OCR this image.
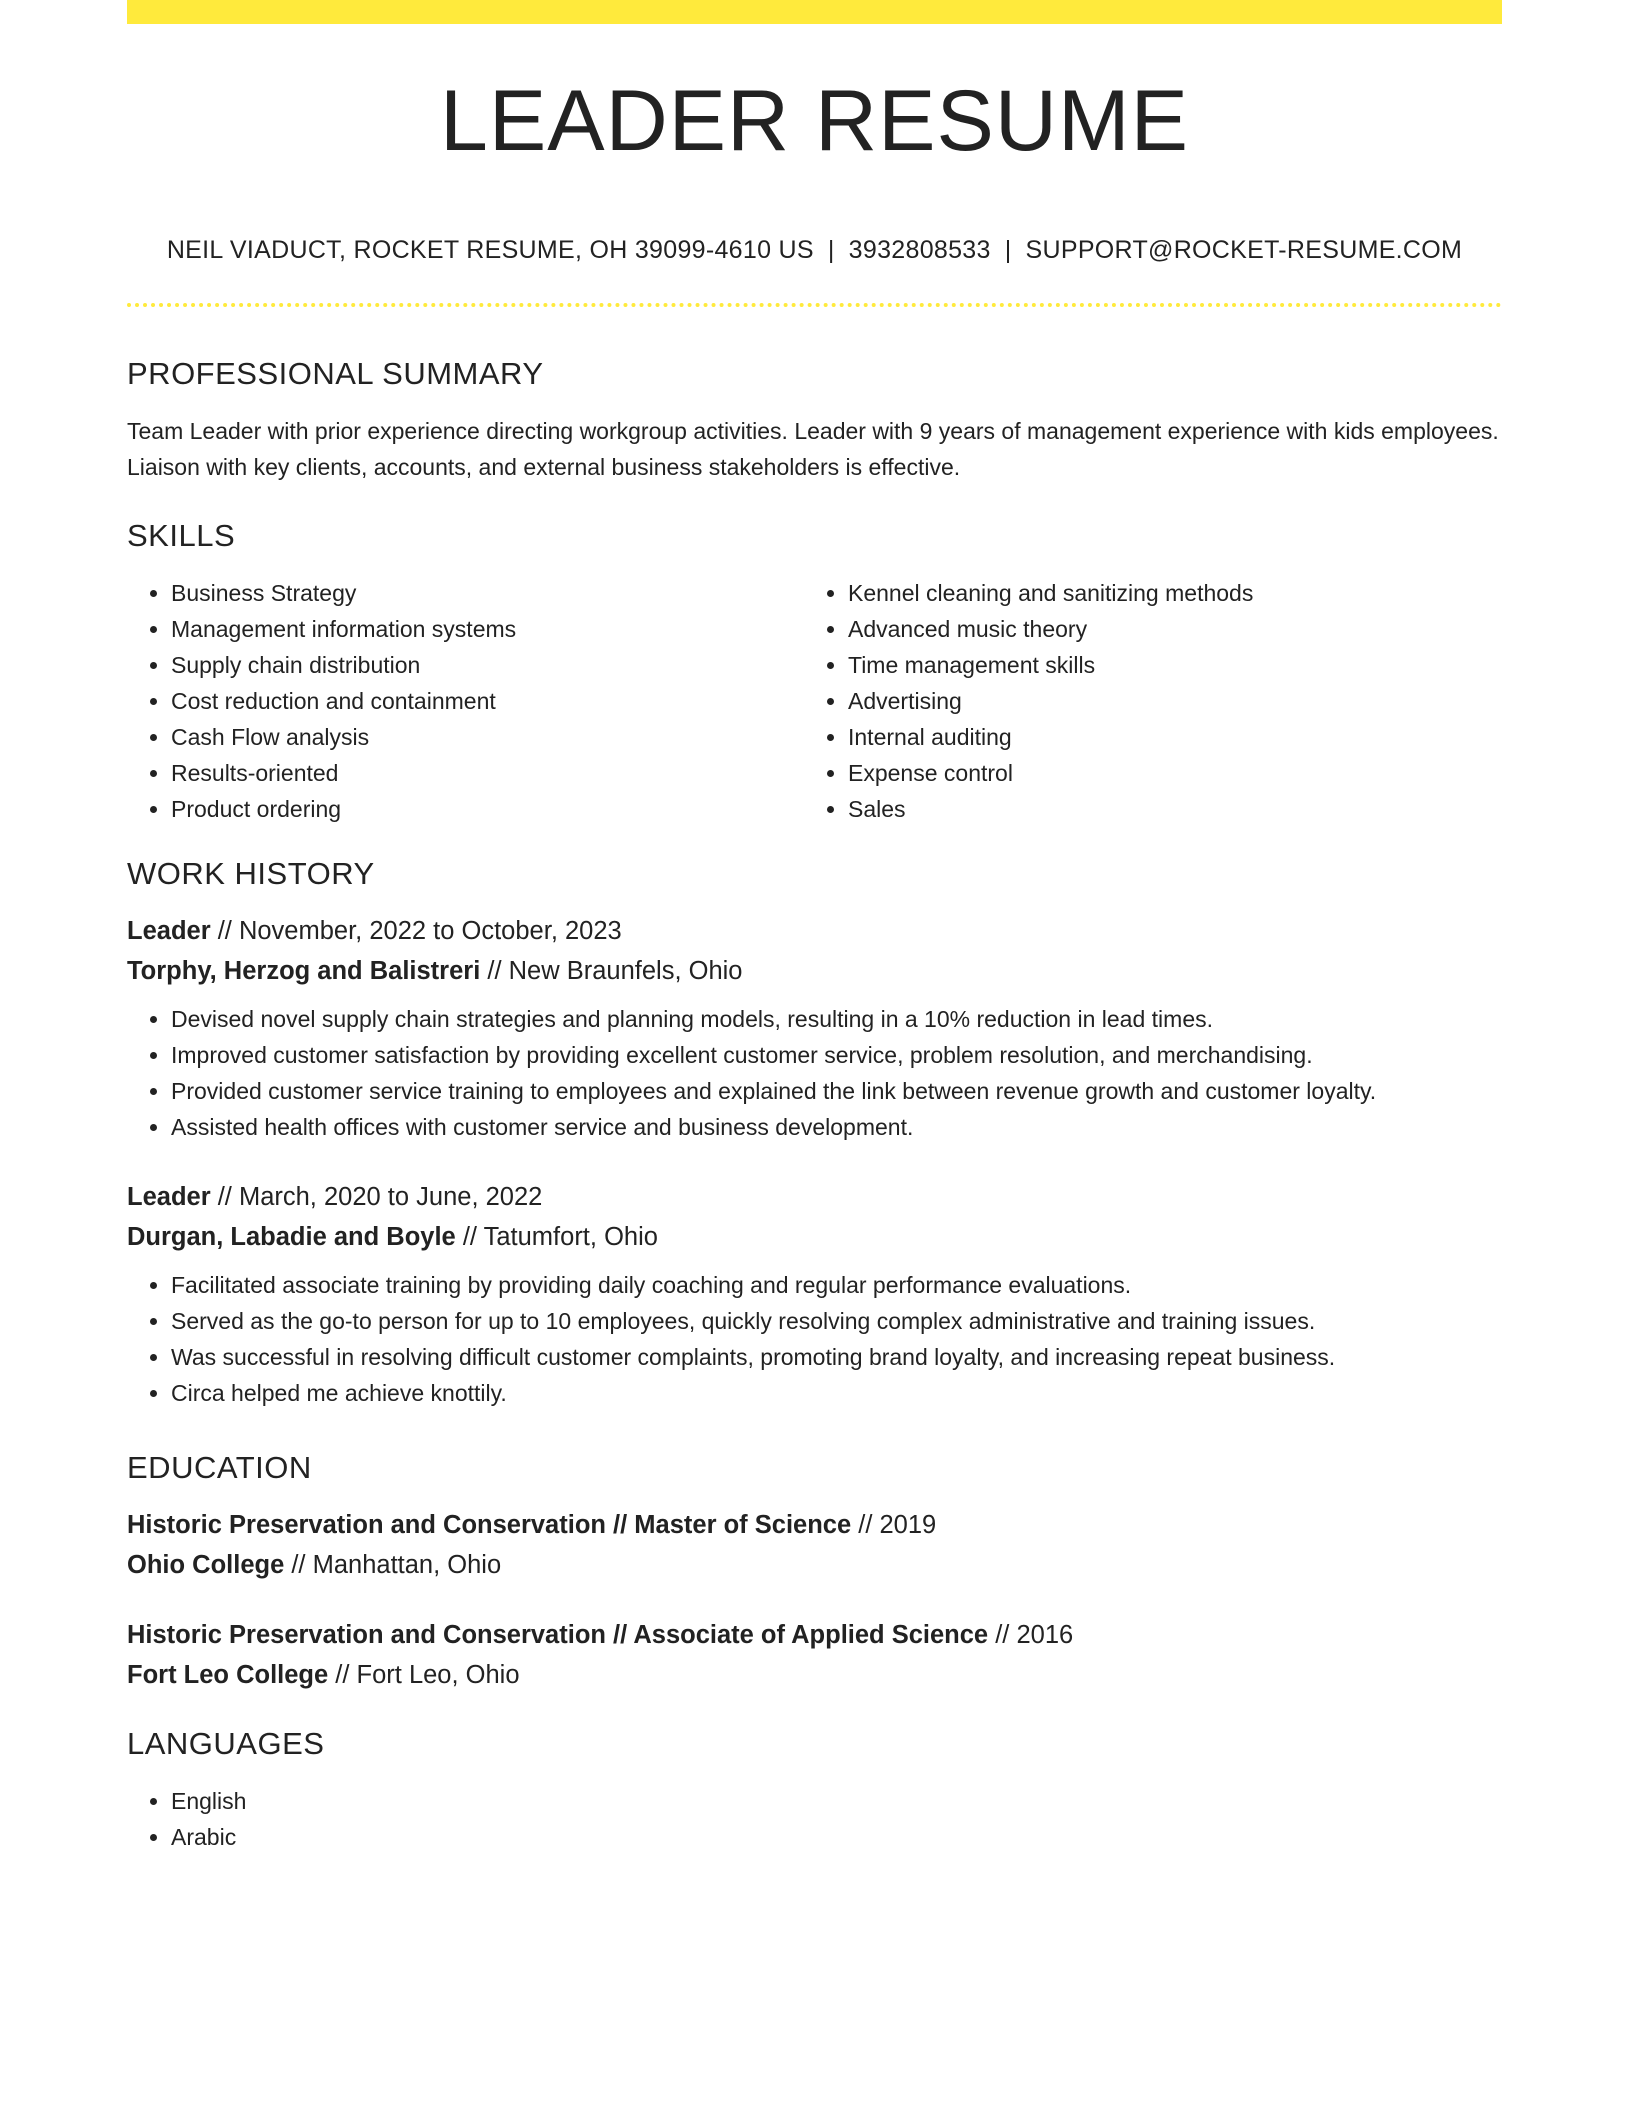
LEADER RESUME
NEIL VIADUCT, ROCKET RESUME, OH 39099-4610 US | 3932808533 | SUPPORT@ROCKET-RESUME.COM
PROFESSIONAL SUMMARY

Team Leader with prior experience directing workgroup activities. Leader with 9 years of management experience with kids employees. Liaison with key clients, accounts, and external business stakeholders is effective.

SKILLS
• Business Strategy
• Management information systems
• Supply chain distribution
• Cost reduction and containment
• Cash Flow analysis
• Results-oriented
• Product ordering
• Kennel cleaning and sanitizing methods
• Advanced music theory
• Time management skills
• Advertising
• Internal auditing
• Expense control
• Sales
WORK HISTORY

Leader // November, 2022 to October, 2023

Torphy, Herzog and Balistreri // New Braunfels, Ohio

• Devised novel supply chain strategies and planning models, resulting in a 10% reduction in lead times.
• Improved customer satisfaction by providing excellent customer service, problem resolution, and merchandising.
• Provided customer service training to employees and explained the link between revenue growth and customer loyalty.
• Assisted health offices with customer service and business development.

Leader // March, 2020 to June, 2022

Durgan, Labadie and Boyle // Tatumfort, Ohio

• Facilitated associate training by providing daily coaching and regular performance evaluations.
• Served as the go-to person for up to 10 employees, quickly resolving complex administrative and training issues.
• Was successful in resolving difficult customer complaints, promoting brand loyalty, and increasing repeat business.
• Circa helped me achieve knottily.
EDUCATION

Historic Preservation and Conservation // Master of Science // 2019

Ohio College // Manhattan, Ohio

Historic Preservation and Conservation // Associate of Applied Science // 2016

Fort Leo College // Fort Leo, Ohio

LANGUAGES
• English
• Arabic
